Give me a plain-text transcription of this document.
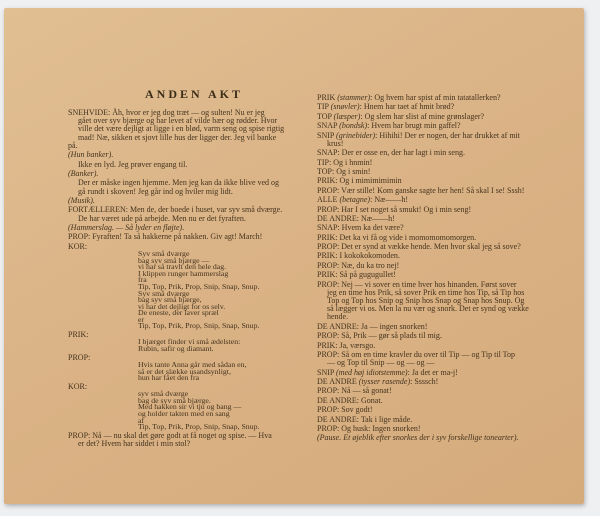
ANDEN AKT
SNEHVIDE: Åh, hvor er jeg dog træt — og sulten! Nu er jeg
gået over syv bjærge og har levet af vilde bær og rødder. Hvor
ville det være dejligt at ligge i en blød, varm seng og spise rigtig
mad! Næ, sikken et sjovt lille hus der ligger der. Jeg vil banke
på.
(Hun banker).
Ikke en lyd. Jeg prøver engang til.
(Banker).
Der er måske ingen hjemme. Men jeg kan da ikke blive ved og
gå rundt i skoven! Jeg går ind og hviler mig lidt.
(Musik).
FORTÆLLEREN: Men de, der boede i huset, var syv små dværge.
De har været ude på arbejde. Men nu er det fyraften.
(Hammerslag. — Så lyder en fløjte).
PROP: Fyraften! Ta så hakkerne på nakken. Giv agt! March!
KOR:
Syv små dværge
bag syv små bjærge —
vi har så travlt den hele dag.
I klippen runger hammerslag
fra
Tip, Top, Prik, Prop, Snip, Snap, Snup.
Syv små dværge
bag syv små bjærge,
vi har det dejligt for os selv.
De eneste, der laver spræl
er
Tip, Top, Prik, Prop, Snip, Snap, Snup.
PRIK:
I bjærget finder vi små ædelsten:
Rubin, safir og diamant.
PROP:
Hvis tante Anna går med sådan en,
så er det slække usandsynligt,
hun har fået den fra
KOR:
syv små dværge
bag de syv små bjærge.
Med hakken sir vi tju og bang —
og holder takten med en sang
af
Tip, Top, Prik, Prop, Snip, Snap, Snup.
PROP: Nå — nu skal det gøre godt at få noget og spise. — Hva
er det? Hvem har siddet i min stol?
PRIK (stammer): Og hvem har spist af min tatatallerken?
TIP (snøvler): Hnem har taet af hmit brød?
TOP (læsper): Og slem har slist af mine grønslager?
SNAP (bondsk): Hvem har brugt min gaffel?
SNIP (grinebider): Hihihi! Der er nogen, der har drukket af mit
krus!
SNAP: Der er osse en, der har lagt i min seng.
TIP: Og i hnmin!
TOP: Og i smin!
PRIK: Og i mimimimimin
PROP: Vær stille! Kom ganske sagte her hen! Så skal I se! Sssh!
ALLE (betagne): Næ––––h!
PROP: Har I set noget så smukt! Og i min seng!
DE ANDRE: Næ––––h!
SNAP: Hvem ka det være?
PRIK: Det ka vi få og vide i momomomomorgen.
PROP: Det er synd at vække hende. Men hvor skal jeg så sove?
PRIK: I kokokokomoden.
PROP: Næ, du ka tro nej!
PRIK: Så på gugugullet!
PROP: Nej — vi sover en time hver hos hinanden. Først sover
jeg en time hos Prik, så sover Prik en time hos Tip, så Tip hos
Top og Top hos Snip og Snip hos Snap og Snap hos Snup. Og
så lægger vi os. Men la nu vær og snork. Det er synd og vække
hende.
DE ANDRE: Ja — ingen snorken!
PROP: Så, Prik — gør så plads til mig.
PRIK: Ja, værsgo.
PROP: Så om en time kravler du over til Tip — og Tip til Top
— og Top til Snip — og — og —
SNIP (med høj idiotstemme): Ja det er ma-j!
DE ANDRE (tysser rasende): Ssssch!
PROP: Nå — så gonat!
DE ANDRE: Gonat.
PROP: Sov godt!
DE ANDRE: Tak i lige måde.
PROP: Og husk: Ingen snorken!
(Pause. Et øjeblik efter snorkes der i syv forskellige tonearter).
